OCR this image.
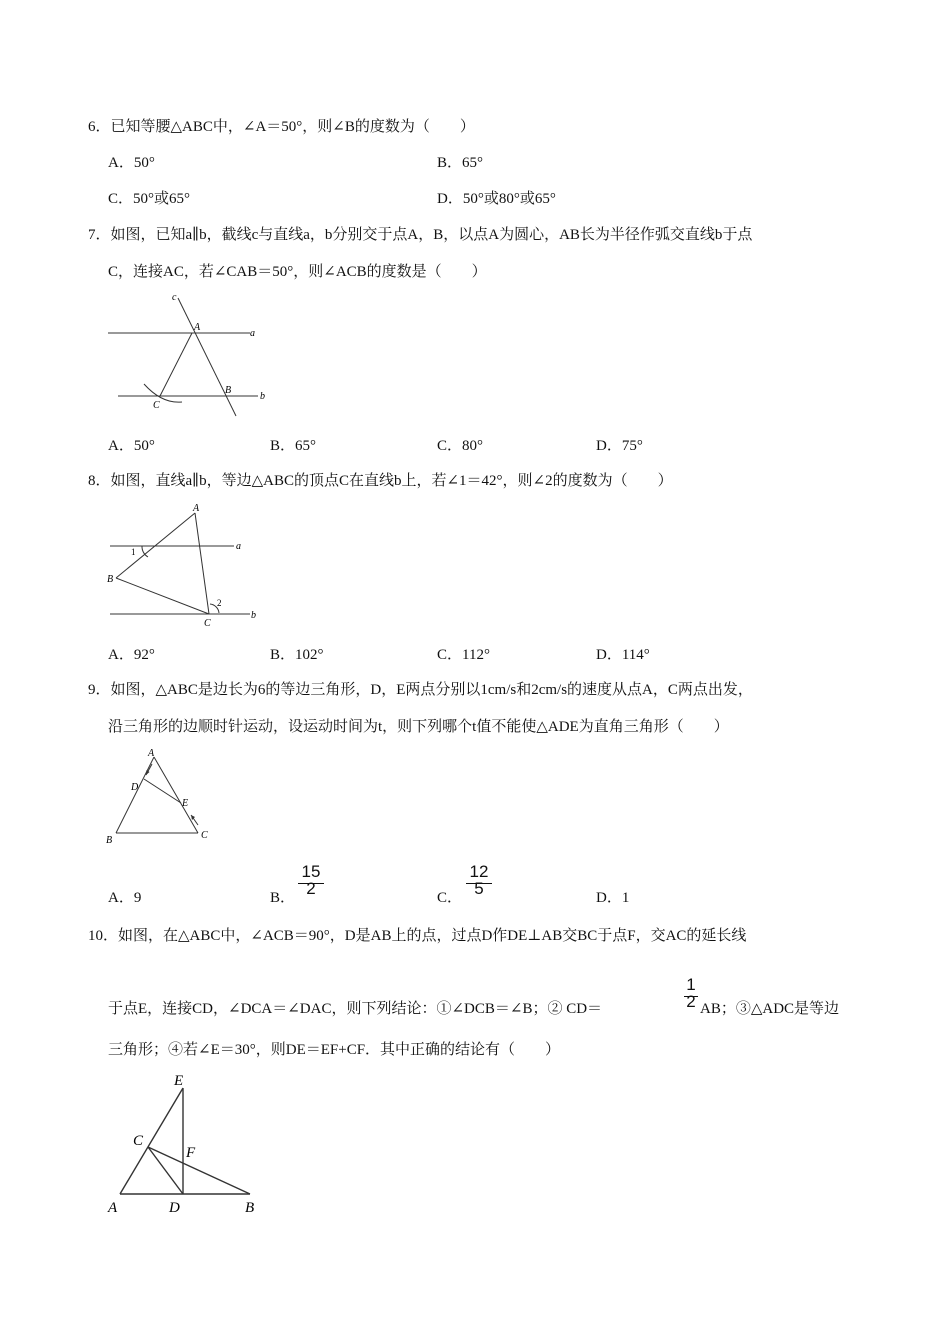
6．已知等腰△ABC中，∠A＝50°，则∠B的度数为（　　）
A．50°	B．65°
C．50°或65°	D．50°或80°或65°
7．如图，已知a∥b，截线c与直线a，b分别交于点A，B，以点A为圆心，AB长为半径作弧交直线b于点
C，连接AC，若∠CAB＝50°，则∠ACB的度数是（　　）
c
A
a
B
b
C
A．50°	B．65°	C．80°	D．75°
8．如图，直线a∥b，等边△ABC的顶点C在直线b上，若∠1＝42°，则∠2的度数为（　　）
A
a
1
B
2
C
b
A．92°	B．102°	C．112°	D．114°
9．如图，△ABC是边长为6的等边三角形，D，E两点分别以1cm/s和2cm/s的速度从点A，C两点出发，
沿三角形的边顺时针运动，设运动时间为t，则下列哪个t值不能使△ADE为直角三角形（　　）
A
D
E
B	C
A．9	B．
15
2	C．
12
5	D．1
10．如图，在△ABC中，∠ACB＝90°，D是AB上的点，过点D作DE⊥AB交BC于点F，交AC的延长线
于点E，连接CD，∠DCA＝∠DAC，则下列结论：①∠DCB＝∠B；② CD＝
1
2 AB；③△ADC是等边
三角形；④若∠E＝30°，则DE＝EF+CF．其中正确的结论有（　　）
E
C
F
A	D	B
